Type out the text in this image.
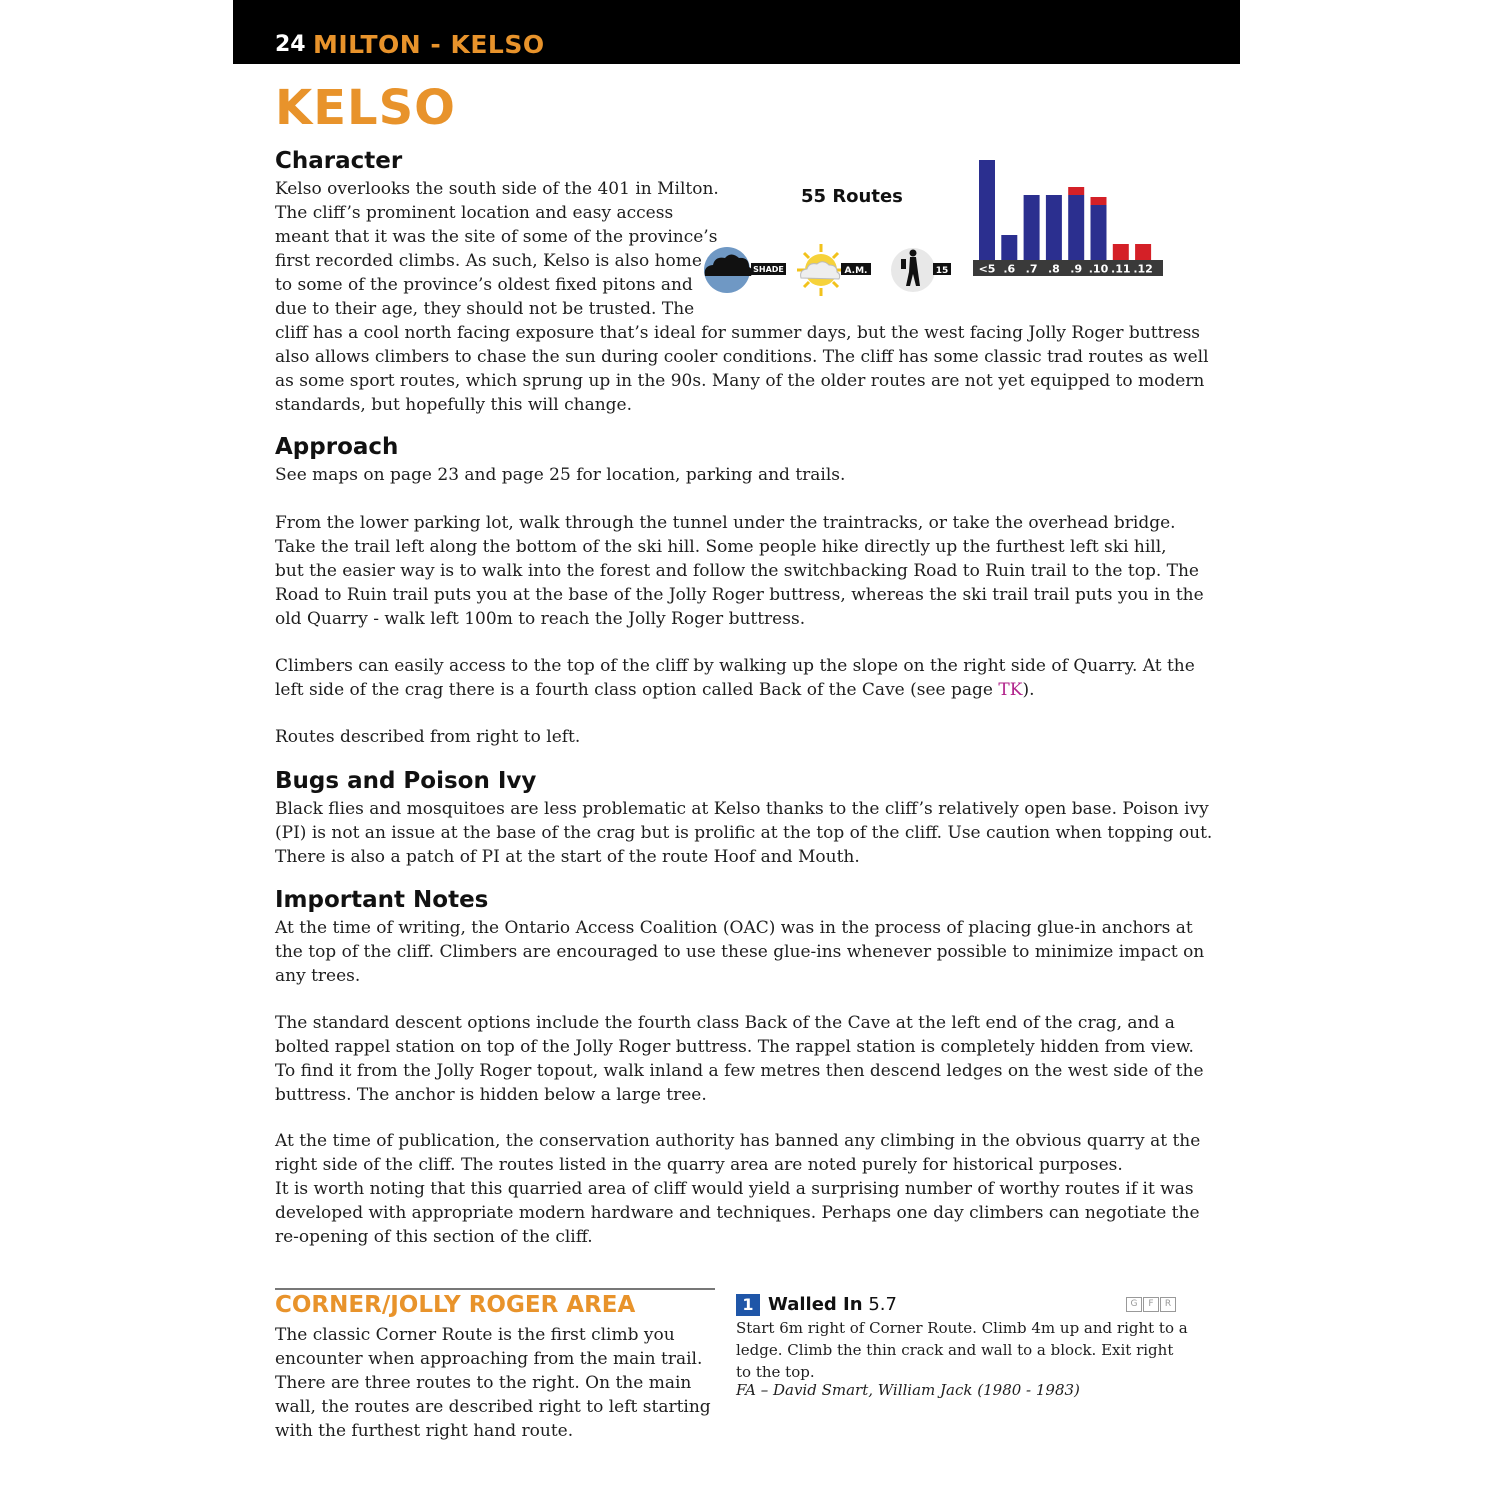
24 MILTON - KELSO
KELSO
Character
Kelso overlooks the south side of the 401 in Milton.
The cliff’s prominent location and easy access
meant that it was the site of some of the province’s
first recorded climbs. As such, Kelso is also home
to some of the province’s oldest fixed pitons and
due to their age, they should not be trusted. The
cliff has a cool north facing exposure that’s ideal for summer days, but the west facing Jolly Roger buttress
also allows climbers to chase the sun during cooler conditions. The cliff has some classic trad routes as well
as some sport routes, which sprung up in the 90s. Many of the older routes are not yet equipped to modern
standards, but hopefully this will change.
55 Routes
SHADE	A.M.	15	<5 .6 .7 .8 .9 .10 .11 .12
Approach
See maps on page 23 and page 25 for location, parking and trails.
From the lower parking lot, walk through the tunnel under the traintracks, or take the overhead bridge.
Take the trail left along the bottom of the ski hill. Some people hike directly up the furthest left ski hill,
but the easier way is to walk into the forest and follow the switchbacking Road to Ruin trail to the top. The
Road to Ruin trail puts you at the base of the Jolly Roger buttress, whereas the ski trail trail puts you in the
old Quarry - walk left 100m to reach the Jolly Roger buttress.
Climbers can easily access to the top of the cliff by walking up the slope on the right side of Quarry. At the
left side of the crag there is a fourth class option called Back of the Cave (see page TK).
Routes described from right to left.
Bugs and Poison Ivy
Black flies and mosquitoes are less problematic at Kelso thanks to the cliff’s relatively open base. Poison ivy
(PI) is not an issue at the base of the crag but is prolific at the top of the cliff. Use caution when topping out.
There is also a patch of PI at the start of the route Hoof and Mouth.
Important Notes
At the time of writing, the Ontario Access Coalition (OAC) was in the process of placing glue-in anchors at
the top of the cliff. Climbers are encouraged to use these glue-ins whenever possible to minimize impact on
any trees.
The standard descent options include the fourth class Back of the Cave at the left end of the crag, and a
bolted rappel station on top of the Jolly Roger buttress. The rappel station is completely hidden from view.
To find it from the Jolly Roger topout, walk inland a few metres then descend ledges on the west side of the
buttress. The anchor is hidden below a large tree.
At the time of publication, the conservation authority has banned any climbing in the obvious quarry at the
right side of the cliff. The routes listed in the quarry area are noted purely for historical purposes.
It is worth noting that this quarried area of cliff would yield a surprising number of worthy routes if it was
developed with appropriate modern hardware and techniques. Perhaps one day climbers can negotiate the
re-opening of this section of the cliff.
CORNER/JOLLY ROGER AREA
The classic Corner Route is the first climb you
encounter when approaching from the main trail.
There are three routes to the right. On the main
wall, the routes are described right to left starting
with the furthest right hand route.
1 Walled In 5.7	G	F	R
Start 6m right of Corner Route. Climb 4m up and right to a
ledge. Climb the thin crack and wall to a block. Exit right
to the top.
FA – David Smart, William Jack (1980 - 1983)
